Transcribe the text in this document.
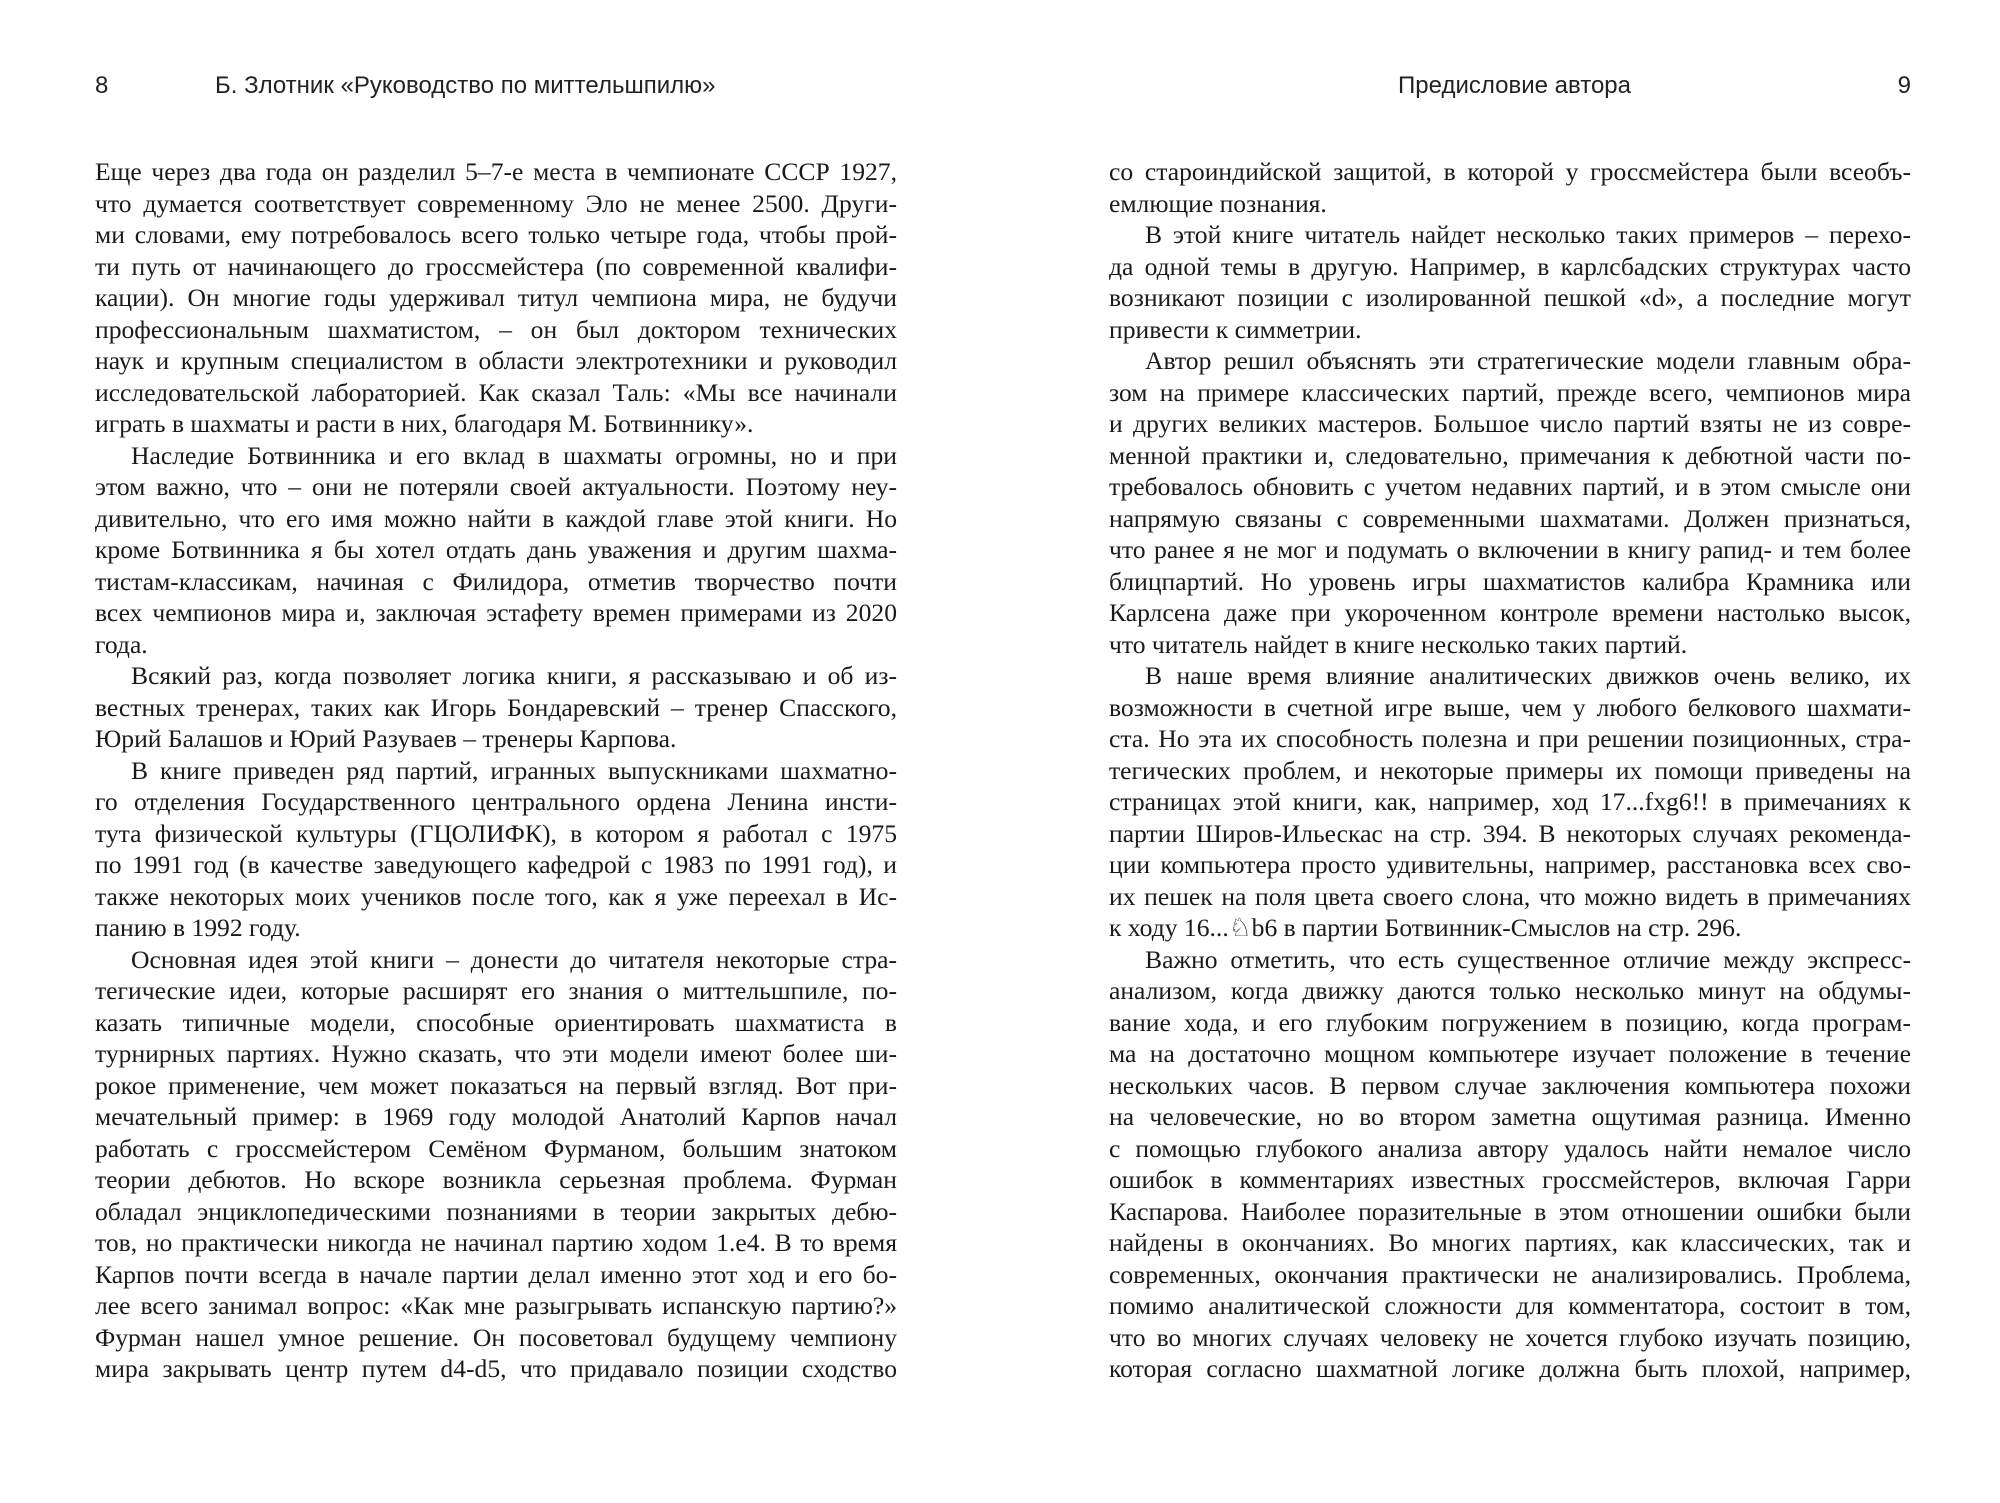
8	Б. Злотник «Руководство по миттельшпилю»
Еще через два года он разделил 5–7-е места в чемпионате СССР 1927,
что думается соответствует современному Эло не менее 2500. Други-
ми словами, ему потребовалось всего только четыре года, чтобы прой-
ти путь от начинающего до гроссмейстера (по современной квалифи-
кации). Он многие годы удерживал титул чемпиона мира, не будучи
профессиональным шахматистом, – он был доктором технических
наук и крупным специалистом в области электротехники и руководил
исследовательской лабораторией. Как сказал Таль: «Мы все начинали
играть в шахматы и расти в них, благодаря М. Ботвиннику».
Наследие Ботвинника и его вклад в шахматы огромны, но и при
этом важно, что – они не потеряли своей актуальности. Поэтому неу-
дивительно, что его имя можно найти в каждой главе этой книги. Но
кроме Ботвинника я бы хотел отдать дань уважения и другим шахма-
тистам-классикам, начиная с Филидора, отметив творчество почти
всех чемпионов мира и, заключая эстафету времен примерами из 2020
года.
Всякий раз, когда позволяет логика книги, я рассказываю и об из-
вестных тренерах, таких как Игорь Бондаревский – тренер Спасского,
Юрий Балашов и Юрий Разуваев – тренеры Карпова.
В книге приведен ряд партий, игранных выпускниками шахматно-
го отделения Государственного центрального ордена Ленина инсти-
тута физической культуры (ГЦОЛИФК), в котором я работал с 1975
по 1991 год (в качестве заведующего кафедрой с 1983 по 1991 год), и
также некоторых моих учеников после того, как я уже переехал в Ис-
панию в 1992 году.
Основная идея этой книги – донести до читателя некоторые стра-
тегические идеи, которые расширят его знания о миттельшпиле, по-
казать типичные модели, способные ориентировать шахматиста в
турнирных партиях. Нужно сказать, что эти модели имеют более ши-
рокое применение, чем может показаться на первый взгляд. Вот при-
мечательный пример: в 1969 году молодой Анатолий Карпов начал
работать с гроссмейстером Семёном Фурманом, большим знатоком
теории дебютов. Но вскоре возникла серьезная проблема. Фурман
обладал энциклопедическими познаниями в теории закрытых дебю-
тов, но практически никогда не начинал партию ходом 1.е4. В то время
Карпов почти всегда в начале партии делал именно этот ход и его бо-
лее всего занимал вопрос: «Как мне разыгрывать испанскую партию?»
Фурман нашел умное решение. Он посоветовал будущему чемпиону
мира закрывать центр путем d4-d5, что придавало позиции сходство
Предисловие автора	9
со староиндийской защитой, в которой у гроссмейстера были всеобъ-
емлющие познания.
В этой книге читатель найдет несколько таких примеров – перехо-
да одной темы в другую. Например, в карлсбадских структурах часто
возникают позиции с изолированной пешкой «d», а последние могут
привести к симметрии.
Автор решил объяснять эти стратегические модели главным обра-
зом на примере классических партий, прежде всего, чемпионов мира
и других великих мастеров. Большое число партий взяты не из совре-
менной практики и, следовательно, примечания к дебютной части по-
требовалось обновить с учетом недавних партий, и в этом смысле они
напрямую связаны с современными шахматами. Должен признаться,
что ранее я не мог и подумать о включении в книгу рапид- и тем более
блицпартий. Но уровень игры шахматистов калибра Крамника или
Карлсена даже при укороченном контроле времени настолько высок,
что читатель найдет в книге несколько таких партий.
В наше время влияние аналитических движков очень велико, их
возможности в счетной игре выше, чем у любого белкового шахмати-
ста. Но эта их способность полезна и при решении позиционных, стра-
тегических проблем, и некоторые примеры их помощи приведены на
страницах этой книги, как, например, ход 17...fxg6!! в примечаниях к
партии Широв-Ильескас на стр. 394. В некоторых случаях рекоменда-
ции компьютера просто удивительны, например, расстановка всех сво-
их пешек на поля цвета своего слона, что можно видеть в примечаниях
к ходу 16...♘b6 в партии Ботвинник-Смыслов на стр. 296.
Важно отметить, что есть существенное отличие между экспресс-
анализом, когда движку даются только несколько минут на обдумы-
вание хода, и его глубоким погружением в позицию, когда програм-
ма на достаточно мощном компьютере изучает положение в течение
нескольких часов. В первом случае заключения компьютера похожи
на человеческие, но во втором заметна ощутимая разница. Именно
с помощью глубокого анализа автору удалось найти немалое число
ошибок в комментариях известных гроссмейстеров, включая Гарри
Каспарова. Наиболее поразительные в этом отношении ошибки были
найдены в окончаниях. Во многих партиях, как классических, так и
современных, окончания практически не анализировались. Проблема,
помимо аналитической сложности для комментатора, состоит в том,
что во многих случаях человеку не хочется глубоко изучать позицию,
которая согласно шахматной логике должна быть плохой, например,
